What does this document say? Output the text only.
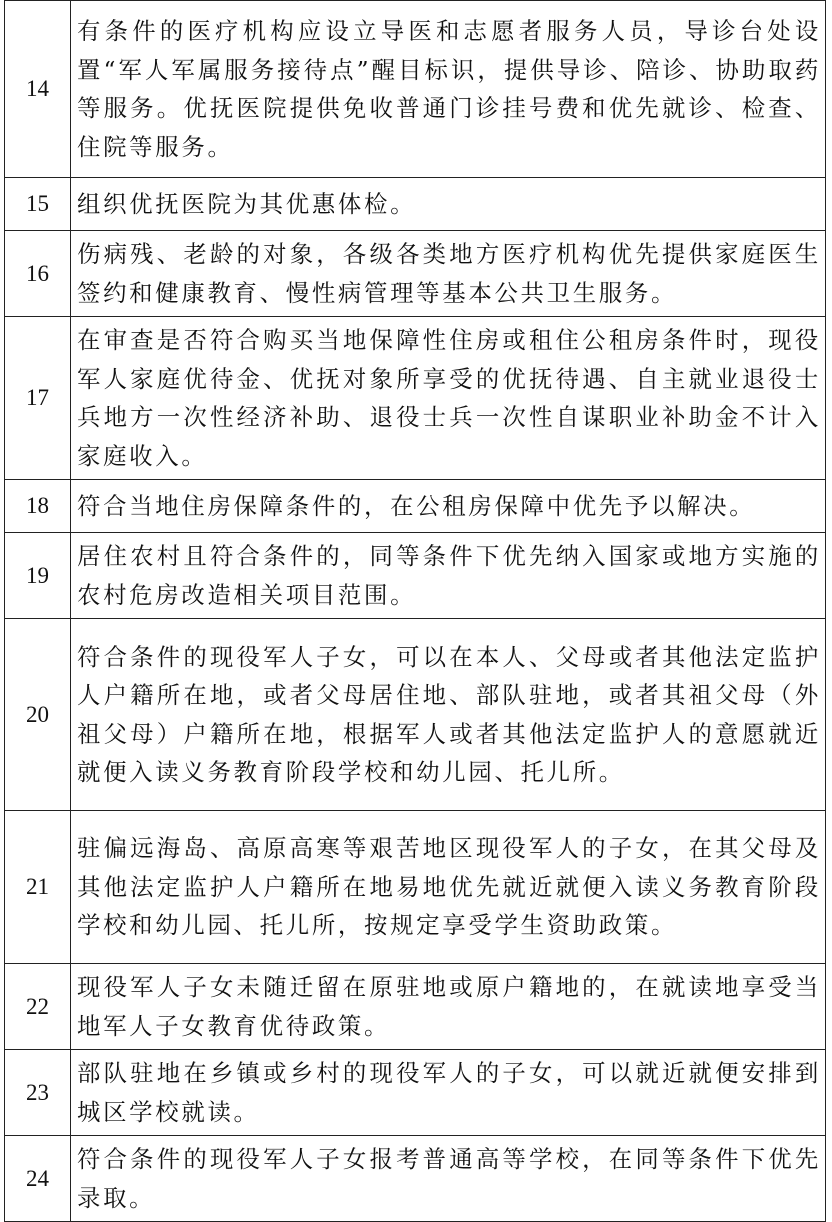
14	有条件的医疗机构应设立导医和志愿者服务人员，导诊台处设置“军人军属服务接待点”醒目标识，提供导诊、陪诊、协助取药等服务。优抚医院提供免收普通门诊挂号费和优先就诊、检查、住院等服务。
15	组织优抚医院为其优惠体检。
16	伤病残、老龄的对象，各级各类地方医疗机构优先提供家庭医生签约和健康教育、慢性病管理等基本公共卫生服务。
17	在审查是否符合购买当地保障性住房或租住公租房条件时，现役军人家庭优待金、优抚对象所享受的优抚待遇、自主就业退役士兵地方一次性经济补助、退役士兵一次性自谋职业补助金不计入家庭收入。
18	符合当地住房保障条件的，在公租房保障中优先予以解决。
19	居住农村且符合条件的，同等条件下优先纳入国家或地方实施的农村危房改造相关项目范围。
20	符合条件的现役军人子女，可以在本人、父母或者其他法定监护人户籍所在地，或者父母居住地、部队驻地，或者其祖父母（外祖父母）户籍所在地，根据军人或者其他法定监护人的意愿就近就便入读义务教育阶段学校和幼儿园、托儿所。
21	驻偏远海岛、高原高寒等艰苦地区现役军人的子女，在其父母及其他法定监护人户籍所在地易地优先就近就便入读义务教育阶段学校和幼儿园、托儿所，按规定享受学生资助政策。
22	现役军人子女未随迁留在原驻地或原户籍地的，在就读地享受当地军人子女教育优待政策。
23	部队驻地在乡镇或乡村的现役军人的子女，可以就近就便安排到城区学校就读。
24	符合条件的现役军人子女报考普通高等学校，在同等条件下优先录取。
